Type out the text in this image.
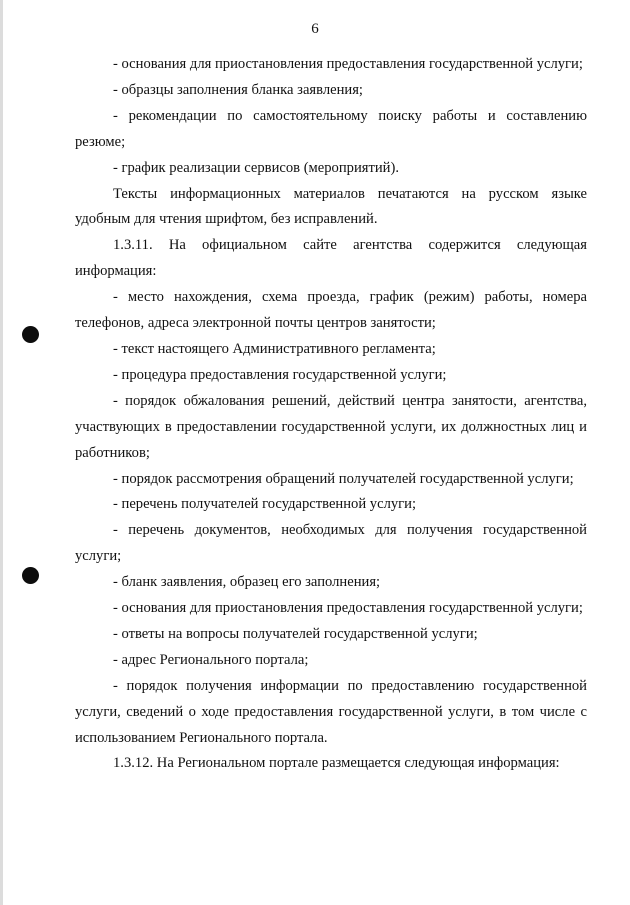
6

- основания для приостановления предоставления государственной услуги;

- образцы заполнения бланка заявления;

- рекомендации по самостоятельному поиску работы и составлению резюме;

- график реализации сервисов (мероприятий).

Тексты информационных материалов печатаются на русском языке удобным для чтения шрифтом, без исправлений.

1.3.11. На официальном сайте агентства содержится следующая информация:

- место нахождения, схема проезда, график (режим) работы, номера телефонов, адреса электронной почты центров занятости;

- текст настоящего Административного регламента;

- процедура предоставления государственной услуги;

- порядок обжалования решений, действий центра занятости, агентства, участвующих в предоставлении государственной услуги, их должностных лиц и работников;

- порядок рассмотрения обращений получателей государственной услуги;

- перечень получателей государственной услуги;

- перечень документов, необходимых для получения государственной услуги;

- бланк заявления, образец его заполнения;

- основания для приостановления предоставления государственной услуги;

- ответы на вопросы получателей государственной услуги;

- адрес Регионального портала;

- порядок получения информации по предоставлению государственной услуги, сведений о ходе предоставления государственной услуги, в том числе с использованием Регионального портала.

1.3.12. На Региональном портале размещается следующая информация:
